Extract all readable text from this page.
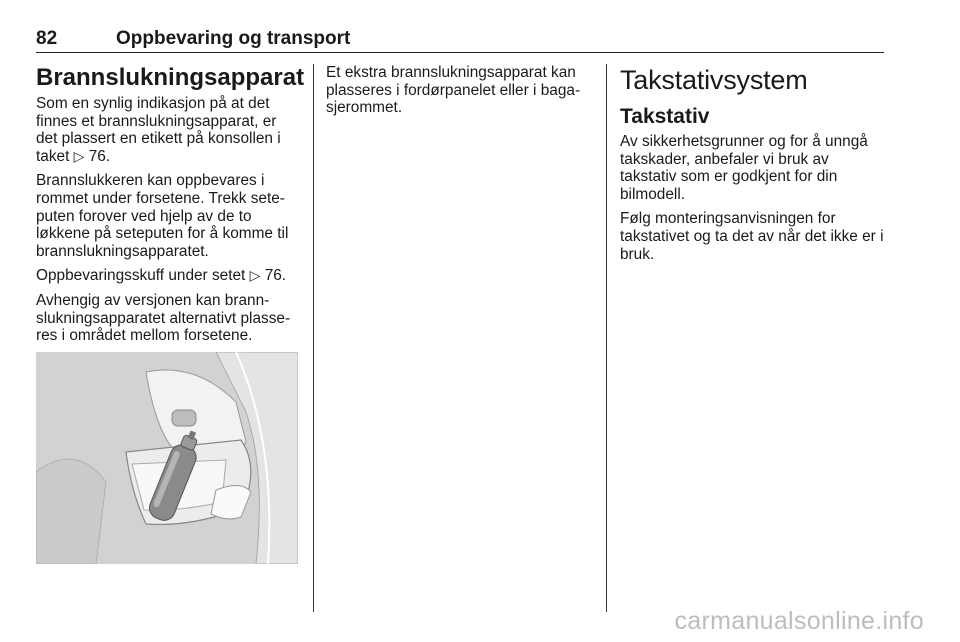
82	Oppbevaring og transport
Brannslukningsapparat

Som en synlig indikasjon på at det finnes et brannslukningsapparat, er det plassert en etikett på konsollen i taket ▷ 76.

Brannslukkeren kan oppbevares i rommet under forsetene. Trekk sete-puten forover ved hjelp av de to løkkene på seteputen for å komme til brannslukningsapparatet.

Oppbevaringsskuff under setet ▷ 76.

Avhengig av versjonen kan brann-slukningsapparatet alternativt plasse-res i området mellom forsetene.

Et ekstra brannslukningsapparat kan plasseres i fordørpanelet eller i baga-sjerommet.

Takstativsystem
Takstativ

Av sikkerhetsgrunner og for å unngå takskader, anbefaler vi bruk av takstativ som er godkjent for din bilmodell.

Følg monteringsanvisningen for takstativet og ta det av når det ikke er i bruk.

carmanualsonline.info
